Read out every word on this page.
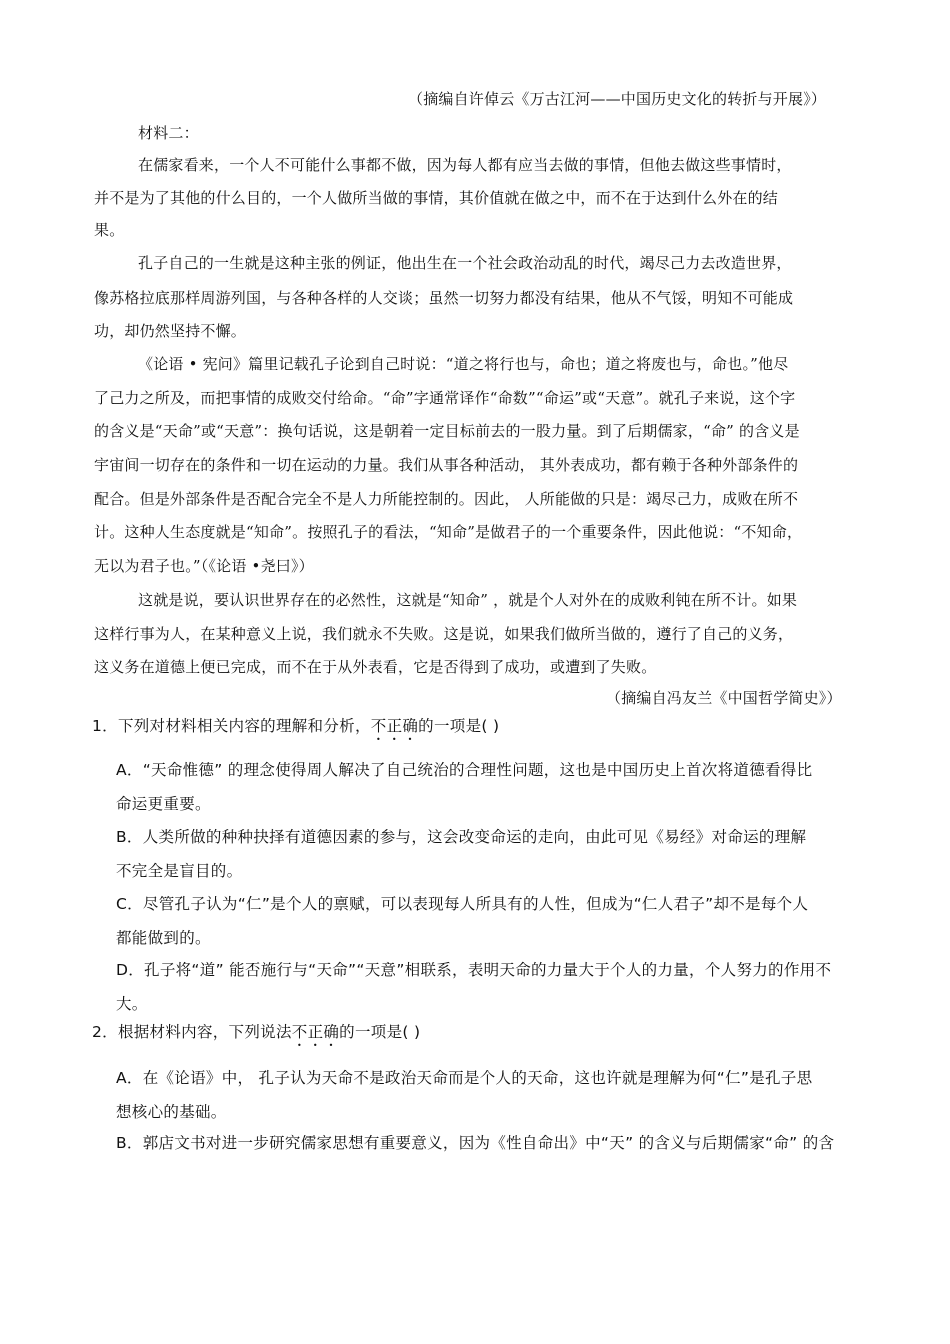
（摘编自许倬云《万古江河——中国历史文化的转折与开展》）
材料二：
在儒家看来，一个人不可能什么事都不做，因为每人都有应当去做的事情，但他去做这些事情时，
并不是为了其他的什么目的，一个人做所当做的事情，其价值就在做之中，而不在于达到什么外在的结
果。
孔子自己的一生就是这种主张的例证，他出生在一个社会政治动乱的时代，竭尽己力去改造世界，
像苏格拉底那样周游列国，与各种各样的人交谈；虽然一切努力都没有结果，他从不气馁，明知不可能成
功，却仍然坚持不懈。
《论语 • 宪问》篇里记载孔子论到自己时说：“道之将行也与，命也；道之将废也与，命也。”他尽
了己力之所及，而把事情的成败交付给命。“命”字通常译作“命数”“命运”或“天意”。就孔子来说，这个字
的含义是“天命”或“天意”：换句话说，这是朝着一定目标前去的一股力量。到了后期儒家，“命” 的含义是
宇宙间一切存在的条件和一切在运动的力量。我们从事各种活动， 其外表成功，都有赖于各种外部条件的
配合。但是外部条件是否配合完全不是人力所能控制的。因此， 人所能做的只是：竭尽己力，成败在所不
计。这种人生态度就是“知命”。按照孔子的看法，“知命”是做君子的一个重要条件，因此他说：“不知命，
无以为君子也。”（《论语 •尧曰》）
这就是说，要认识世界存在的必然性，这就是“知命” ，就是个人对外在的成败利钝在所不计。如果
这样行事为人，在某种意义上说，我们就永不失败。这是说，如果我们做所当做的，遵行了自己的义务，
这义务在道德上便已完成，而不在于从外表看，它是否得到了成功，或遭到了失败。
（摘编自冯友兰《中国哲学简史》）
1．下列对材料相关内容的理解和分析，不正确的一项是( )
A．“天命惟德” 的理念使得周人解决了自己统治的合理性问题，这也是中国历史上首次将道德看得比
命运更重要。
B．人类所做的种种抉择有道德因素的参与，这会改变命运的走向，由此可见《易经》对命运的理解
不完全是盲目的。
C．尽管孔子认为“仁”是个人的禀赋，可以表现每人所具有的人性，但成为“仁人君子”却不是每个人
都能做到的。
D．孔子将“道” 能否施行与“天命”“天意”相联系，表明天命的力量大于个人的力量，个人努力的作用不
大。
2．根据材料内容，下列说法不正确的一项是( )
A．在《论语》中， 孔子认为天命不是政治天命而是个人的天命，这也许就是理解为何“仁”是孔子思
想核心的基础。
B．郭店文书对进一步研究儒家思想有重要意义，因为《性自命出》中“天” 的含义与后期儒家“命” 的含
